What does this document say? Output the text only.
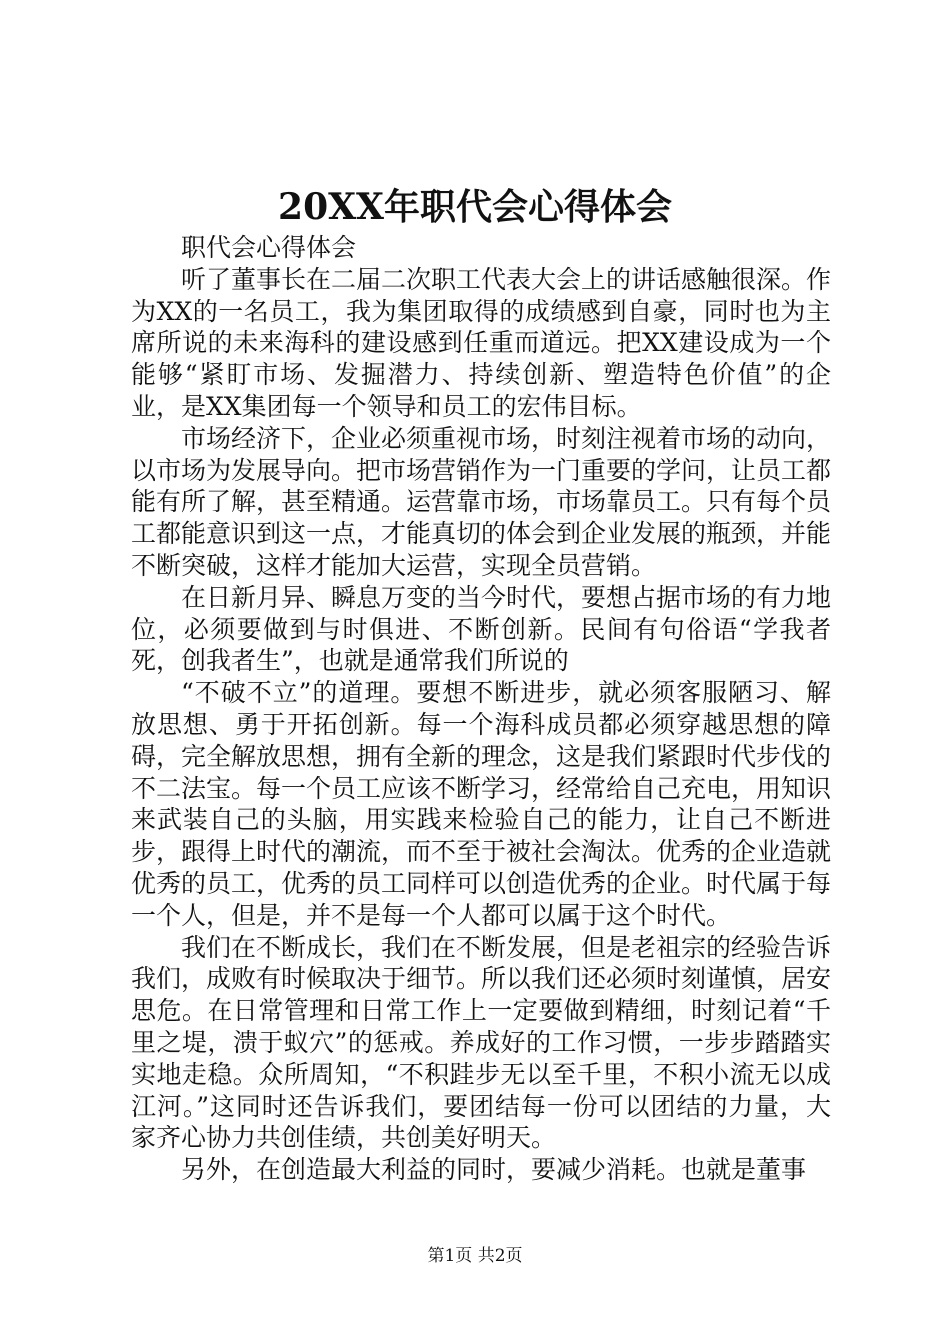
20XX年职代会心得体会

职代会心得体会

听了董事长在二届二次职工代表大会上的讲话感触很深。作为XX的一名员工，我为集团取得的成绩感到自豪，同时也为主席所说的未来海科的建设感到任重而道远。把XX建设成为一个能够“紧盯市场、发掘潜力、持续创新、塑造特色价值”的企业，是XX集团每一个领导和员工的宏伟目标。

市场经济下，企业必须重视市场，时刻注视着市场的动向，以市场为发展导向。把市场营销作为一门重要的学问，让员工都能有所了解，甚至精通。运营靠市场，市场靠员工。只有每个员工都能意识到这一点，才能真切的体会到企业发展的瓶颈，并能不断突破，这样才能加大运营，实现全员营销。

在日新月异、瞬息万变的当今时代，要想占据市场的有力地位，必须要做到与时俱进、不断创新。民间有句俗语“学我者死，创我者生”，也就是通常我们所说的

“不破不立”的道理。要想不断进步，就必须客服陋习、解放思想、勇于开拓创新。每一个海科成员都必须穿越思想的障碍，完全解放思想，拥有全新的理念，这是我们紧跟时代步伐的不二法宝。每一个员工应该不断学习，经常给自己充电，用知识来武装自己的头脑，用实践来检验自己的能力，让自己不断进步，跟得上时代的潮流，而不至于被社会淘汰。优秀的企业造就优秀的员工，优秀的员工同样可以创造优秀的企业。时代属于每一个人，但是，并不是每一个人都可以属于这个时代。

我们在不断成长，我们在不断发展，但是老祖宗的经验告诉我们，成败有时候取决于细节。所以我们还必须时刻谨慎，居安思危。在日常管理和日常工作上一定要做到精细，时刻记着“千里之堤，溃于蚁穴”的惩戒。养成好的工作习惯，一步步踏踏实实地走稳。众所周知，“不积跬步无以至千里，不积小流无以成江河。”这同时还告诉我们，要团结每一份可以团结的力量，大家齐心协力共创佳绩，共创美好明天。

另外，在创造最大利益的同时，要减少消耗。也就是董事

第1页 共2页
